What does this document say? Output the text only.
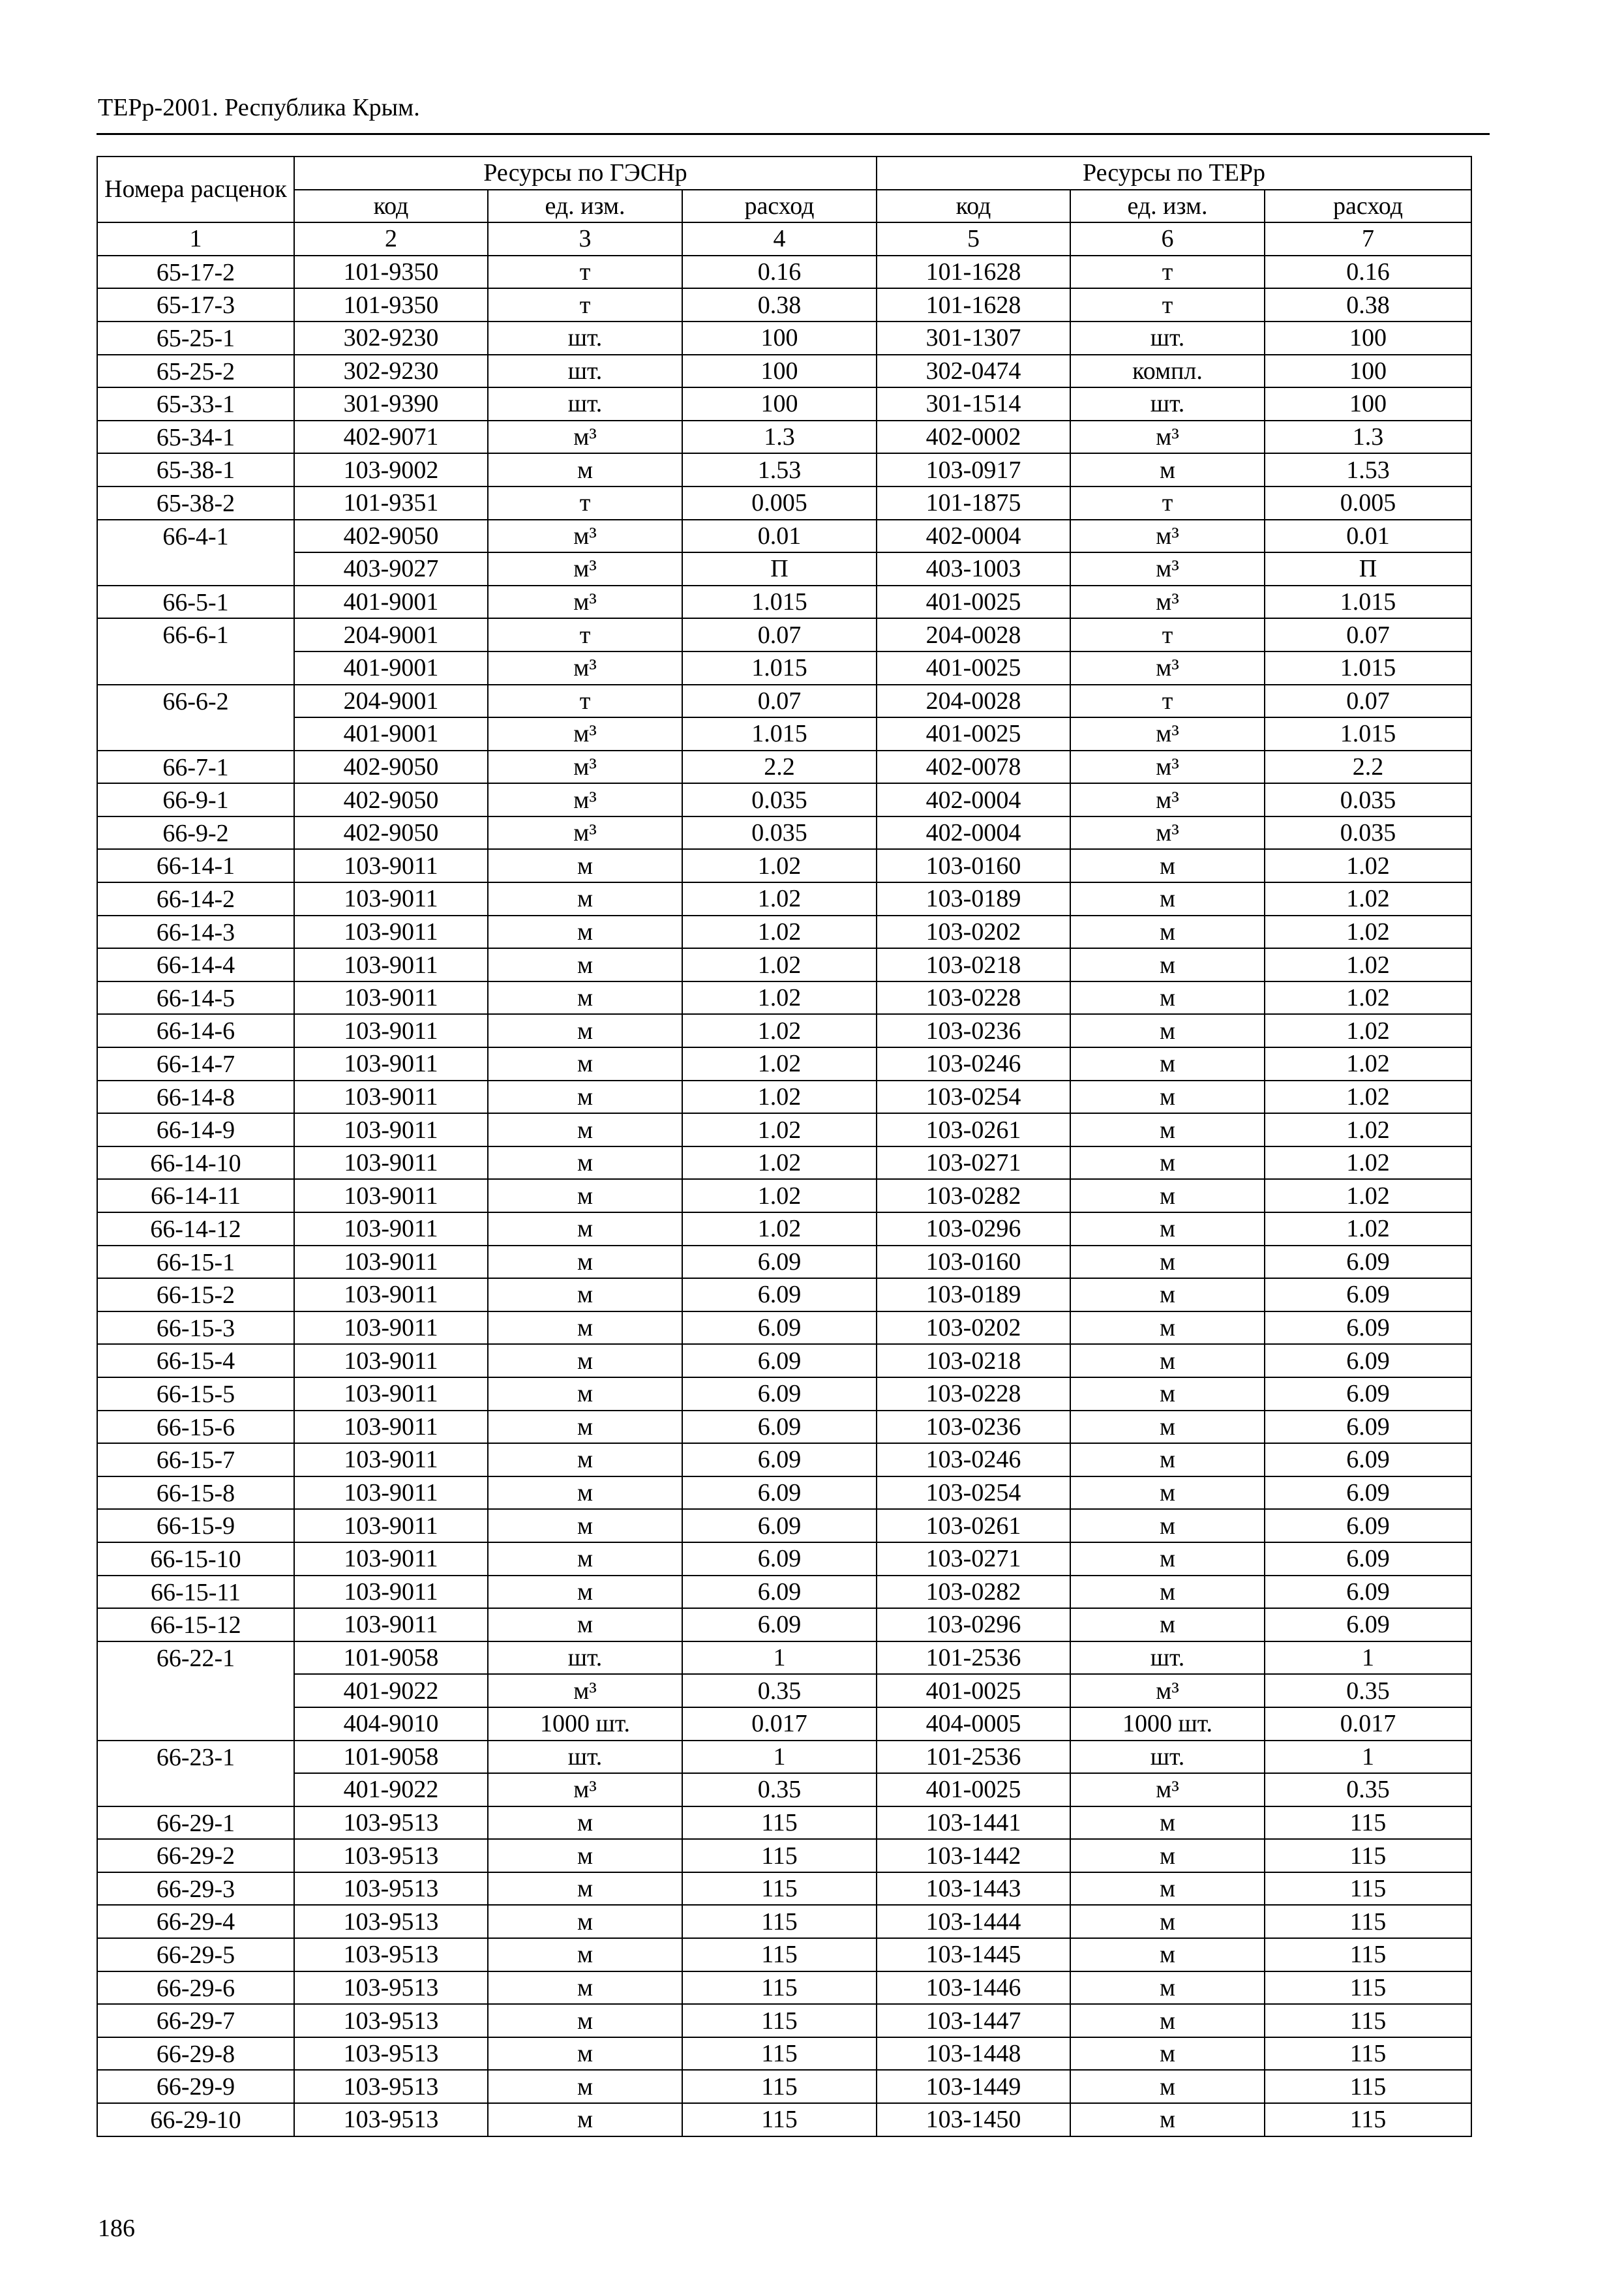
ТЕРр-2001. Республика Крым.
Номера расценок	Ресурсы по ГЭСНр			Ресурсы по ТЕРр		
	код	ед. изм.	расход	код	ед. изм.	расход
1	2	3	4	5	6	7
65-17-2	101-9350	т	0.16	101-1628	т	0.16
65-17-3	101-9350	т	0.38	101-1628	т	0.38
65-25-1	302-9230	шт.	100	301-1307	шт.	100
65-25-2	302-9230	шт.	100	302-0474	компл.	100
65-33-1	301-9390	шт.	100	301-1514	шт.	100
65-34-1	402-9071	м³	1.3	402-0002	м³	1.3
65-38-1	103-9002	м	1.53	103-0917	м	1.53
65-38-2	101-9351	т	0.005	101-1875	т	0.005
66-4-1	402-9050	м³	0.01	402-0004	м³	0.01
	403-9027	м³	П	403-1003	м³	П
66-5-1	401-9001	м³	1.015	401-0025	м³	1.015
66-6-1	204-9001	т	0.07	204-0028	т	0.07
	401-9001	м³	1.015	401-0025	м³	1.015
66-6-2	204-9001	т	0.07	204-0028	т	0.07
	401-9001	м³	1.015	401-0025	м³	1.015
66-7-1	402-9050	м³	2.2	402-0078	м³	2.2
66-9-1	402-9050	м³	0.035	402-0004	м³	0.035
66-9-2	402-9050	м³	0.035	402-0004	м³	0.035
66-14-1	103-9011	м	1.02	103-0160	м	1.02
66-14-2	103-9011	м	1.02	103-0189	м	1.02
66-14-3	103-9011	м	1.02	103-0202	м	1.02
66-14-4	103-9011	м	1.02	103-0218	м	1.02
66-14-5	103-9011	м	1.02	103-0228	м	1.02
66-14-6	103-9011	м	1.02	103-0236	м	1.02
66-14-7	103-9011	м	1.02	103-0246	м	1.02
66-14-8	103-9011	м	1.02	103-0254	м	1.02
66-14-9	103-9011	м	1.02	103-0261	м	1.02
66-14-10	103-9011	м	1.02	103-0271	м	1.02
66-14-11	103-9011	м	1.02	103-0282	м	1.02
66-14-12	103-9011	м	1.02	103-0296	м	1.02
66-15-1	103-9011	м	6.09	103-0160	м	6.09
66-15-2	103-9011	м	6.09	103-0189	м	6.09
66-15-3	103-9011	м	6.09	103-0202	м	6.09
66-15-4	103-9011	м	6.09	103-0218	м	6.09
66-15-5	103-9011	м	6.09	103-0228	м	6.09
66-15-6	103-9011	м	6.09	103-0236	м	6.09
66-15-7	103-9011	м	6.09	103-0246	м	6.09
66-15-8	103-9011	м	6.09	103-0254	м	6.09
66-15-9	103-9011	м	6.09	103-0261	м	6.09
66-15-10	103-9011	м	6.09	103-0271	м	6.09
66-15-11	103-9011	м	6.09	103-0282	м	6.09
66-15-12	103-9011	м	6.09	103-0296	м	6.09
66-22-1	101-9058	шт.	1	101-2536	шт.	1
	401-9022	м³	0.35	401-0025	м³	0.35
	404-9010	1000 шт.	0.017	404-0005	1000 шт.	0.017
66-23-1	101-9058	шт.	1	101-2536	шт.	1
	401-9022	м³	0.35	401-0025	м³	0.35
66-29-1	103-9513	м	115	103-1441	м	115
66-29-2	103-9513	м	115	103-1442	м	115
66-29-3	103-9513	м	115	103-1443	м	115
66-29-4	103-9513	м	115	103-1444	м	115
66-29-5	103-9513	м	115	103-1445	м	115
66-29-6	103-9513	м	115	103-1446	м	115
66-29-7	103-9513	м	115	103-1447	м	115
66-29-8	103-9513	м	115	103-1448	м	115
66-29-9	103-9513	м	115	103-1449	м	115
66-29-10	103-9513	м	115	103-1450	м	115
186
